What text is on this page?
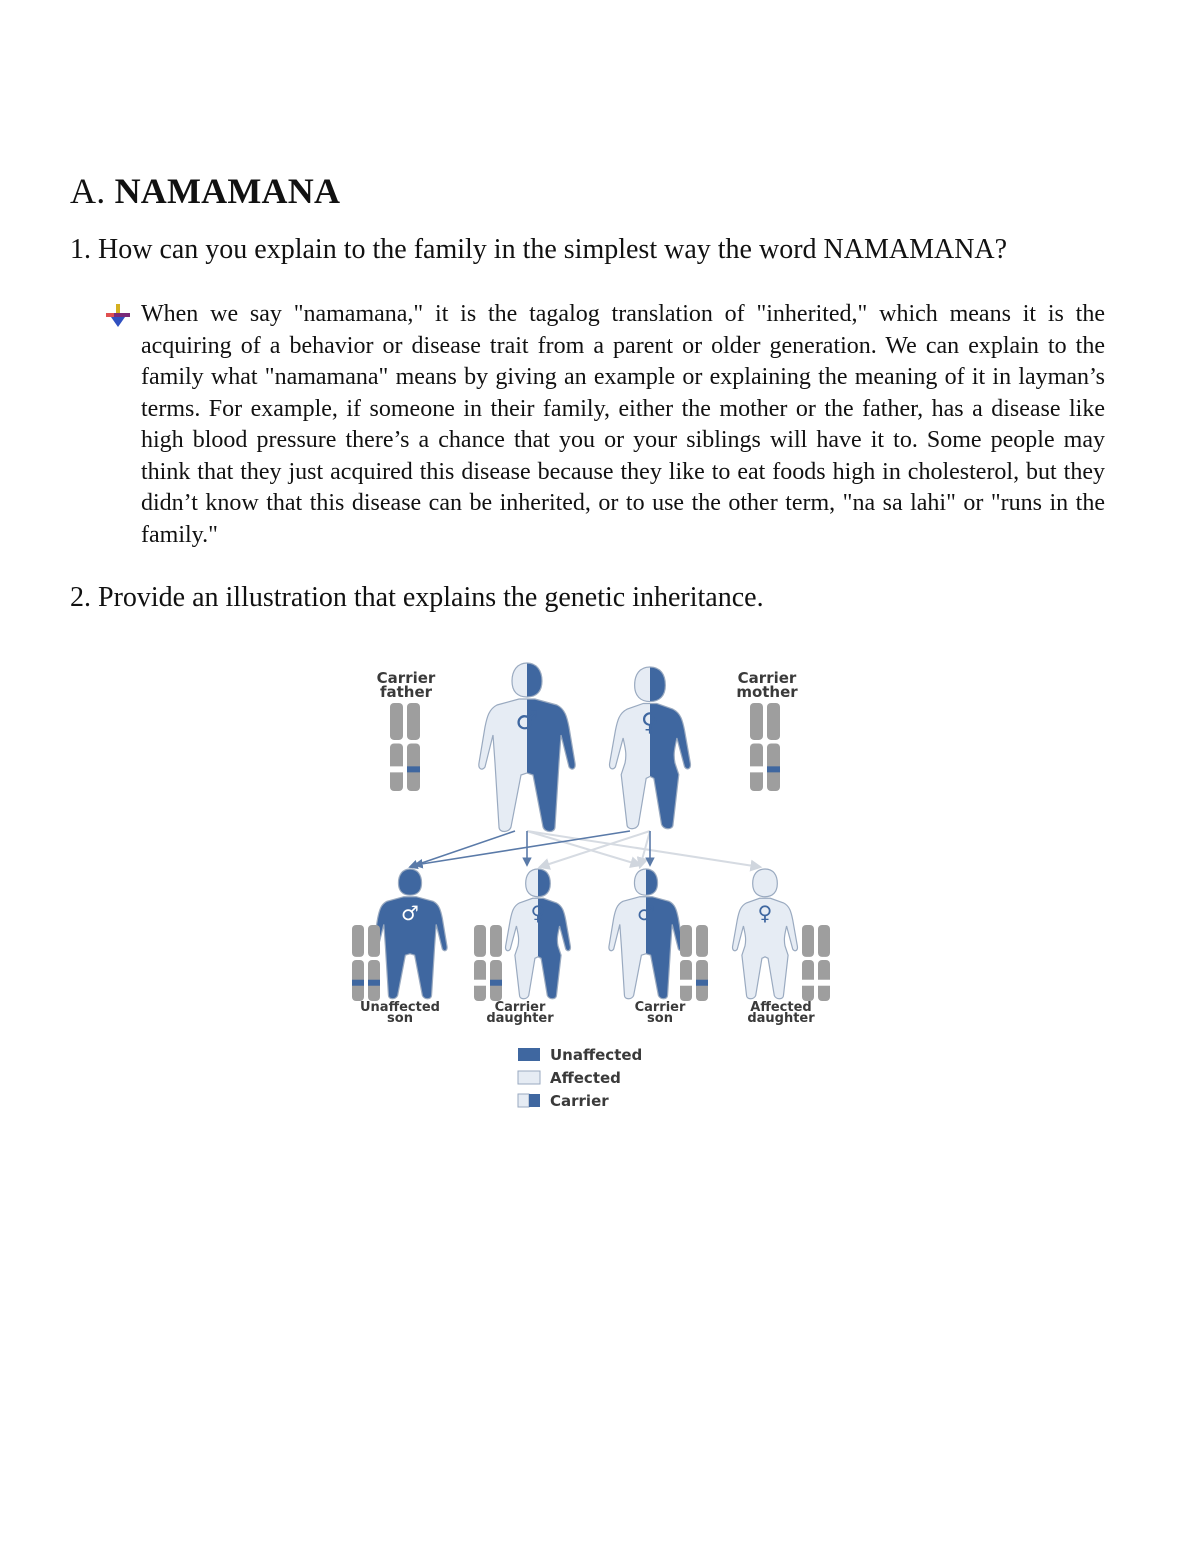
A. NAMAMANA

1. How can you explain to the family in the simplest way the word NAMAMANA?

When we say "namamana," it is the tagalog translation of "inherited," which means it is the acquiring of a behavior or disease trait from a parent or older generation. We can explain to the family what "namamana" means by giving an example or explaining the meaning of it in layman’s terms. For example, if someone in their family, either the mother or the father, has a disease like high blood pressure there’s a chance that you or your siblings will have it to. Some people may think that they just acquired this disease because they like to eat foods high in cholesterol, but they didn’t know that this disease can be inherited, or to use the other term, "na sa lahi" or "runs in the family."

2. Provide an illustration that explains the genetic inheritance.

Carrier
father
Carrier
mother
♂	♀
♂
Unaffected
son
♀
Carrier
daughter
♂
Carrier
son
♀
Affected
daughter
Unaffected
Affected
Carrier
